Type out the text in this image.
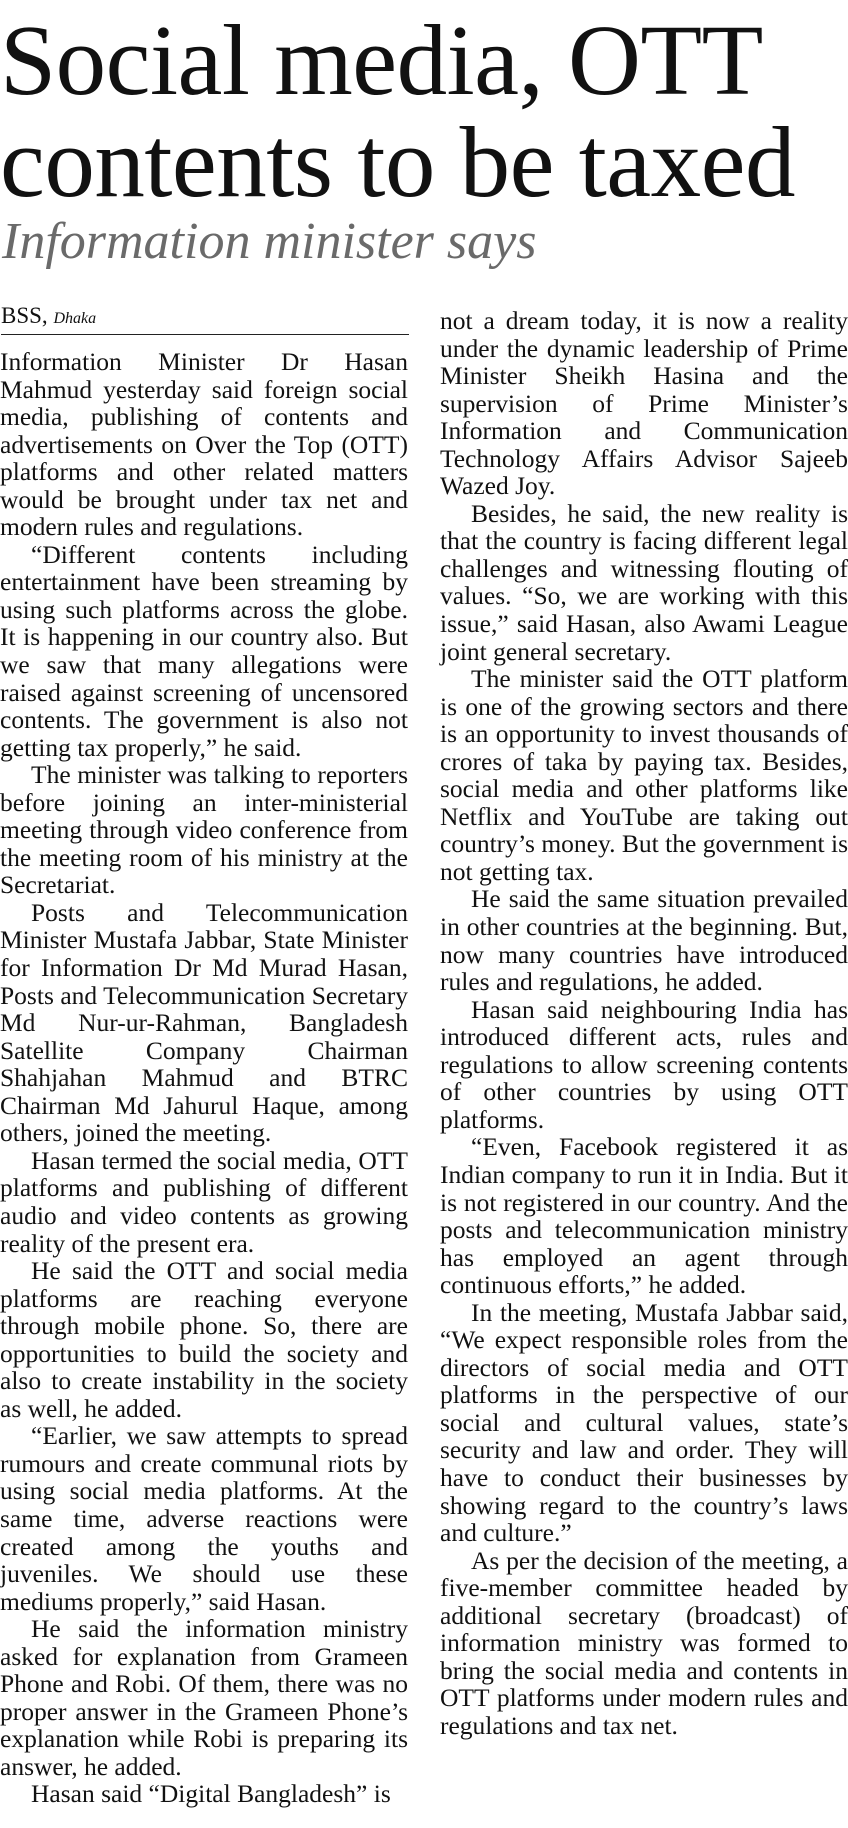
Social media, OTT
contents to be taxed
Information minister says
BSS, Dhaka

Information Minister Dr Hasan Mahmud yesterday said foreign social media, publishing of contents and advertisements on Over the Top (OTT) platforms and other related matters would be brought under tax net and modern rules and regulations.

“Different contents including entertainment have been streaming by using such platforms across the globe. It is happening in our country also. But we saw that many allegations were raised against screening of uncensored contents. The government is also not getting tax properly,” he said.

The minister was talking to reporters before joining an inter-ministerial meeting through video conference from the meeting room of his ministry at the Secretariat.

Posts and Telecommunication Minister Mustafa Jabbar, State Minister for Information Dr Md Murad Hasan, Posts and Telecommunication Secretary Md Nur-ur-Rahman, Bangladesh Satellite Company Chairman Shahjahan Mahmud and BTRC Chairman Md Jahurul Haque, among others, joined the meeting.

Hasan termed the social media, OTT platforms and publishing of different audio and video contents as growing reality of the present era.

He said the OTT and social media platforms are reaching everyone through mobile phone. So, there are opportunities to build the society and also to create instability in the society as well, he added.

“Earlier, we saw attempts to spread rumours and create communal riots by using social media platforms. At the same time, adverse reactions were created among the youths and juveniles. We should use these mediums properly,” said Hasan.

He said the information ministry asked for explanation from Grameen Phone and Robi. Of them, there was no proper answer in the Grameen Phone’s explanation while Robi is preparing its answer, he added.

Hasan said “Digital Bangladesh” is

not a dream today, it is now a reality under the dynamic leadership of Prime Minister Sheikh Hasina and the supervision of Prime Minister’s Information and Communication Technology Affairs Advisor Sajeeb Wazed Joy.

Besides, he said, the new reality is that the country is facing different legal challenges and witnessing flouting of values. “So, we are working with this issue,” said Hasan, also Awami League joint general secretary.

The minister said the OTT platform is one of the growing sectors and there is an opportunity to invest thousands of crores of taka by paying tax. Besides, social media and other platforms like Netflix and YouTube are taking out country’s money. But the government is not getting tax.

He said the same situation prevailed in other countries at the beginning. But, now many countries have introduced rules and regulations, he added.

Hasan said neighbouring India has introduced different acts, rules and regulations to allow screening contents of other countries by using OTT platforms.

“Even, Facebook registered it as Indian company to run it in India. But it is not registered in our country. And the posts and telecommunication ministry has employed an agent through continuous efforts,” he added.

In the meeting, Mustafa Jabbar said, “We expect responsible roles from the directors of social media and OTT platforms in the perspective of our social and cultural values, state’s security and law and order. They will have to conduct their businesses by showing regard to the country’s laws and culture.”

As per the decision of the meeting, a five-member committee headed by additional secretary (broadcast) of information ministry was formed to bring the social media and contents in OTT platforms under modern rules and regulations and tax net.
